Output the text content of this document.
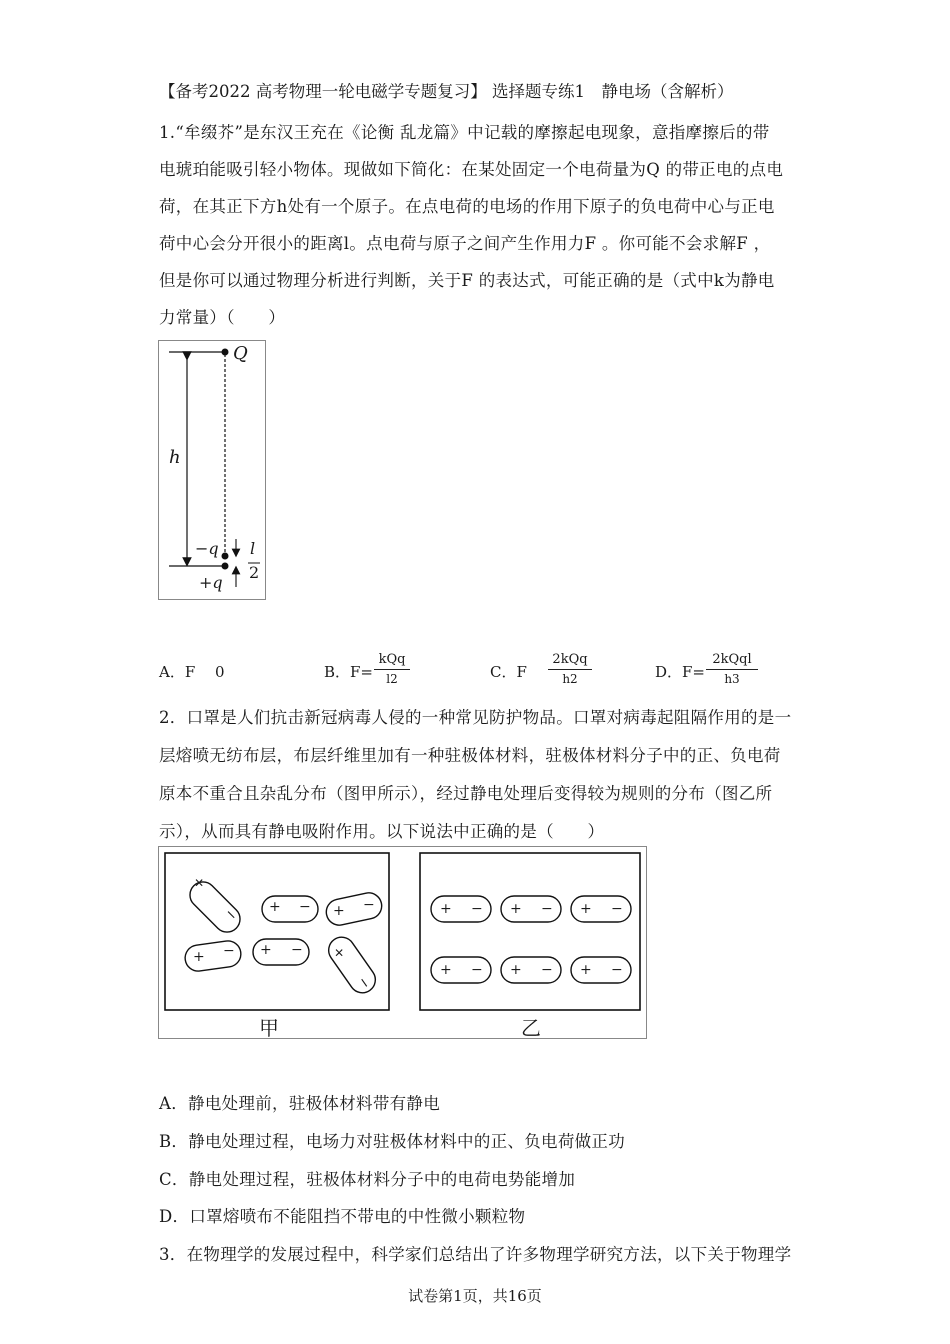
【备考2022 高考物理一轮电磁学专题复习】 选择题专练1　静电场（含解析）
1.“牟缀芥”是东汉王充在《论衡 乱龙篇》中记载的摩擦起电现象，意指摩擦后的带
电琥珀能吸引轻小物体。现做如下简化：在某处固定一个电荷量为Q 的带正电的点电
荷，在其正下方h处有一个原子。在点电荷的电场的作用下原子的负电荷中心与正电
荷中心会分开很小的距离l。点电荷与原子之间产生作用力F 。你可能不会求解F ，
但是你可以通过物理分析进行判断，关于F 的表达式，可能正确的是（式中k为静电
力常量）（　　）
Q
h
−q
+q
l
2
A．F　 0	B．F=
kQq
l2	C．F
2kQq
h2	D．F=
2kQql
h3
2．口罩是人们抗击新冠病毒人侵的一种常见防护物品。口罩对病毒起阻隔作用的是一
层熔喷无纺布层，布层纤维里加有一种驻极体材料，驻极体材料分子中的正、负电荷
原本不重合且杂乱分布（图甲所示），经过静电处理后变得较为规则的分布（图乙所
示），从而具有静电吸附作用。以下说法中正确的是（　　）
+
− + − + −
+ − + − +
−
+ − + − + −
+ − + − + −
甲	乙
A．静电处理前，驻极体材料带有静电
B．静电处理过程，电场力对驻极体材料中的正、负电荷做正功
C．静电处理过程，驻极体材料分子中的电荷电势能增加
D．口罩熔喷布不能阻挡不带电的中性微小颗粒物
3．在物理学的发展过程中，科学家们总结出了许多物理学研究方法，以下关于物理学
试卷第1页，共16页
